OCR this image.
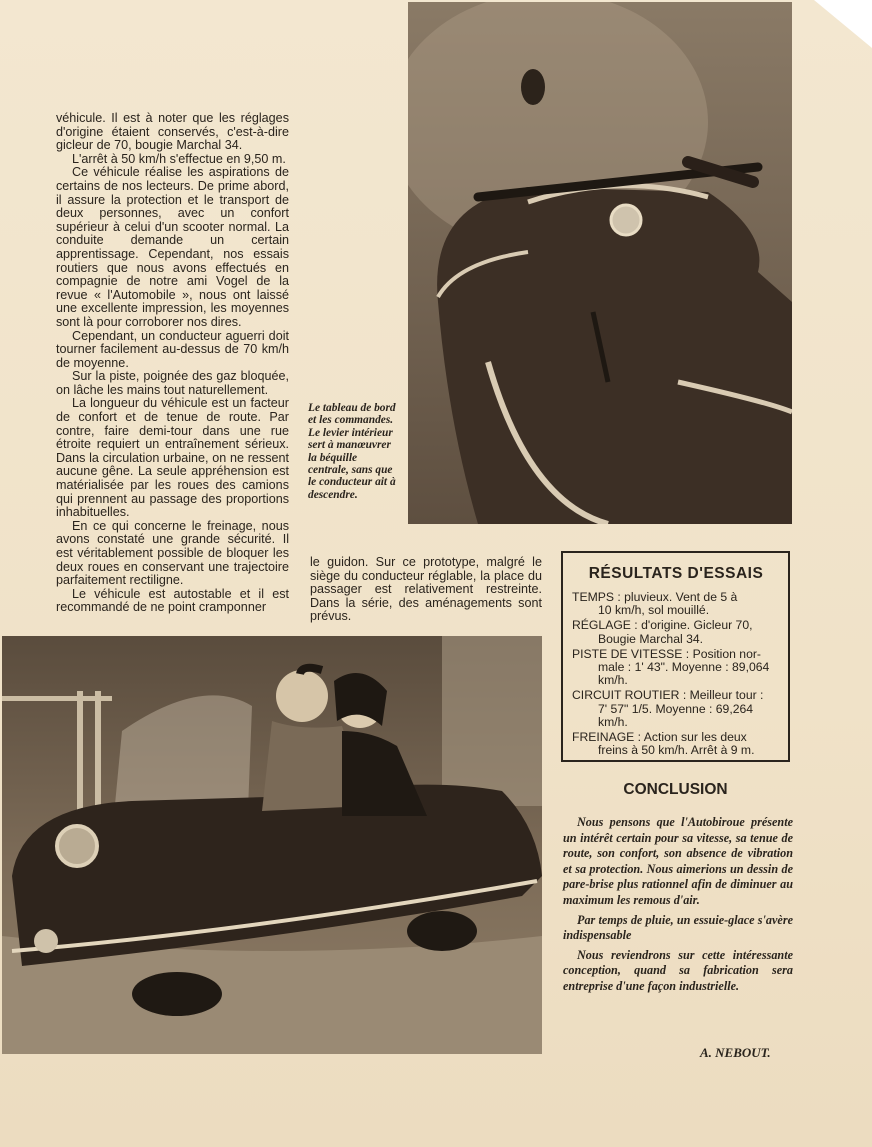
véhicule. Il est à noter que les réglages d'origine étaient conservés, c'est-à-dire gicleur de 70, bougie Marchal 34.

L'arrêt à 50 km/h s'effectue en 9,50 m.

Ce véhicule réalise les aspirations de certains de nos lecteurs. De prime abord, il assure la protection et le transport de deux personnes, avec un confort supérieur à celui d'un scooter normal. La conduite demande un certain apprentissage. Cependant, nos essais routiers que nous avons effectués en compagnie de notre ami Vogel de la revue « l'Automobile », nous ont laissé une excellente impression, les moyennes sont là pour corroborer nos dires.

Cependant, un conducteur aguerri doit tourner facilement au-dessus de 70 km/h de moyenne.

Sur la piste, poignée des gaz bloquée, on lâche les mains tout naturellement.

La longueur du véhicule est un facteur de confort et de tenue de route. Par contre, faire demi-tour dans une rue étroite requiert un entraînement sérieux. Dans la circulation urbaine, on ne ressent aucune gêne. La seule appréhension est matérialisée par les roues des camions qui prennent au passage des proportions inhabituelles.

En ce qui concerne le freinage, nous avons constaté une grande sécurité. Il est véritablement possible de bloquer les deux roues en conservant une trajectoire parfaitement rectiligne.

Le véhicule est autostable et il est recommandé de ne point cramponner

Le tableau de bord et les commandes. Le levier intérieur sert à manœuvrer la béquille centrale, sans que le conducteur ait à descendre.

le guidon. Sur ce prototype, malgré le siège du conducteur réglable, la place du passager est relativement restreinte. Dans la série, des aménagements sont prévus.

RÉSULTATS D'ESSAIS
TEMPS : pluvieux. Vent de 5 à
10 km/h, sol mouillé.
RÉGLAGE : d'origine. Gicleur 70,
Bougie Marchal 34.
PISTE DE VITESSE : Position nor-
male : 1' 43". Moyenne : 89,064 km/h.
CIRCUIT ROUTIER : Meilleur tour :
7' 57" 1/5. Moyenne : 69,264 km/h.
FREINAGE : Action sur les deux
freins à 50 km/h. Arrêt à 9 m.
CONCLUSION

Nous pensons que l'Autobiroue présente un intérêt certain pour sa vitesse, sa tenue de route, son confort, son absence de vibration et sa protection. Nous aimerions un dessin de pare-brise plus rationnel afin de diminuer au maximum les remous d'air.

Par temps de pluie, un essuie-glace s'avère indispensable

Nous reviendrons sur cette intéressante conception, quand sa fabrication sera entreprise d'une façon industrielle.

A. NEBOUT.
